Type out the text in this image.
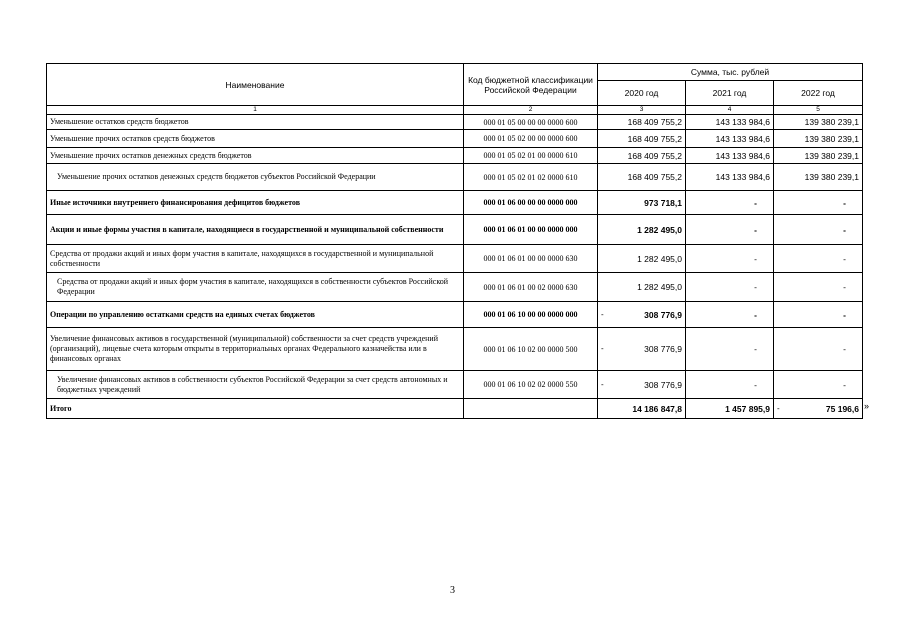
Наименование	Код бюджетной классификации Российской Федерации	Сумма, тыс. рублей		
		2020 год	2021 год	2022 год
1	2	3	4	5
Уменьшение остатков средств бюджетов	000 01 05 00 00 00 0000 600	168 409 755,2	143 133 984,6	139 380 239,1
Уменьшение прочих остатков средств бюджетов	000 01 05 02 00 00 0000 600	168 409 755,2	143 133 984,6	139 380 239,1
Уменьшение прочих остатков денежных средств бюджетов	000 01 05 02 01 00 0000 610	168 409 755,2	143 133 984,6	139 380 239,1
Уменьшение прочих остатков денежных средств бюджетов субъектов Российской Федерации	000 01 05 02 01 02 0000 610	168 409 755,2	143 133 984,6	139 380 239,1
Иные источники внутреннего финансирования дефицитов бюджетов	000 01 06 00 00 00 0000 000	973 718,1	-	-
Акции и иные формы участия в капитале, находящиеся в государственной и муниципальной собственности	000 01 06 01 00 00 0000 000	1 282 495,0	-	-
Средства от продажи акций и иных форм участия в капитале, находящихся в государственной и муниципальной собственности	000 01 06 01 00 00 0000 630	1 282 495,0	-	-
Средства от продажи акций и иных форм участия в капитале, находящихся в собственности субъектов Российской Федерации	000 01 06 01 00 02 0000 630	1 282 495,0	-	-
Операции по управлению остатками средств на единых счетах бюджетов	000 01 06 10 00 00 0000 000	- 308 776,9	-	-
Увеличение финансовых активов в государственной (муниципальной) собственности за счет средств учреждений (организаций), лицевые счета которым открыты в территориальных органах Федерального казначейства или в финансовых органах	000 01 06 10 02 00 0000 500	- 308 776,9	-	-
Увеличение финансовых активов в собственности субъектов Российской Федерации за счет средств автономных и бюджетных учреждений	000 01 06 10 02 02 0000 550	- 308 776,9	-	-
Итого		14 186 847,8	1 457 895,9	- 75 196,6 »
3
